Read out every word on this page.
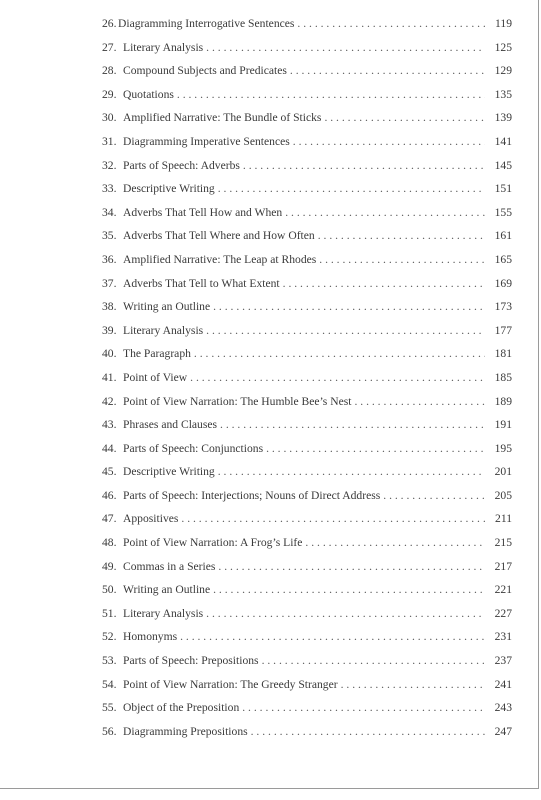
26. Diagramming Interrogative Sentences . . .	119
27. Literary Analysis . . .	125
28. Compound Subjects and Predicates . . .	129
29. Quotations . . .	135
30. Amplified Narrative: The Bundle of Sticks . . .	139
31. Diagramming Imperative Sentences . . .	141
32. Parts of Speech: Adverbs . . .	145
33. Descriptive Writing . . .	151
34. Adverbs That Tell How and When . . .	155
35. Adverbs That Tell Where and How Often . . .	161
36. Amplified Narrative: The Leap at Rhodes . . .	165
37. Adverbs That Tell to What Extent . . .	169
38. Writing an Outline . . .	173
39. Literary Analysis . . .	177
40. The Paragraph . . .	181
41. Point of View . . .	185
42. Point of View Narration: The Humble Bee’s Nest . . .	189
43. Phrases and Clauses . . .	191
44. Parts of Speech: Conjunctions . . .	195
45. Descriptive Writing . . .	201
46. Parts of Speech: Interjections; Nouns of Direct Address . . .	205
47. Appositives . . .	211
48. Point of View Narration: A Frog’s Life . . .	215
49. Commas in a Series . . .	217
50. Writing an Outline . . .	221
51. Literary Analysis . . .	227
52. Homonyms . . .	231
53. Parts of Speech: Prepositions . . .	237
54. Point of View Narration: The Greedy Stranger . . .	241
55. Object of the Preposition . . .	243
56. Diagramming Prepositions . . .	247
